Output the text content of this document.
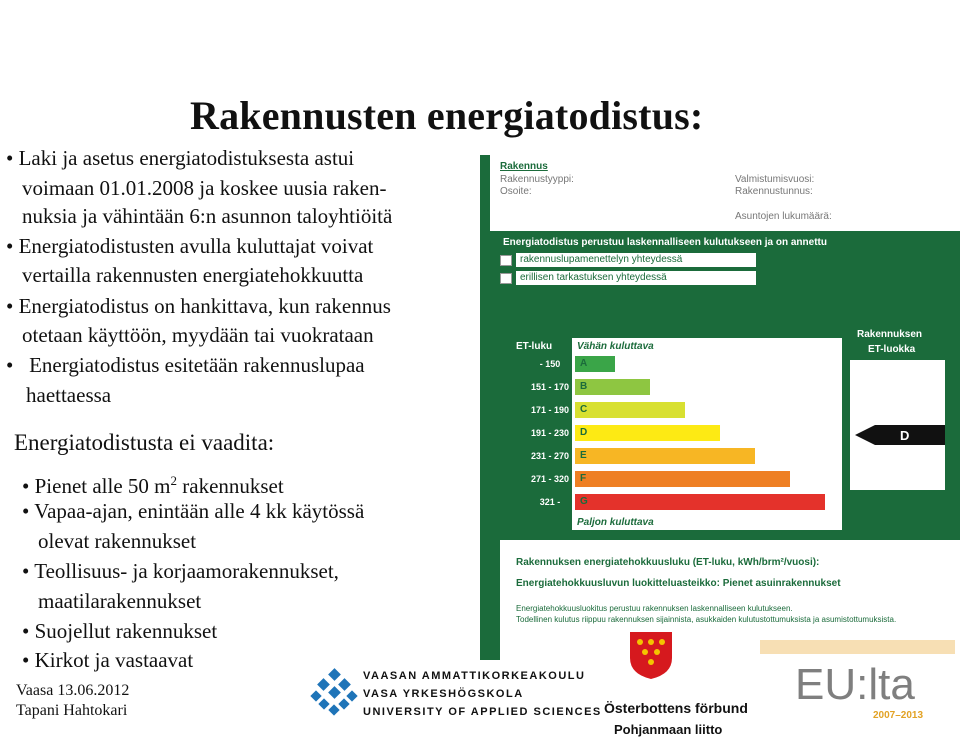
Rakennusten energiatodistus:
• Laki ja asetus energiatodistuksesta astui
voimaan 01.01.2008 ja koskee uusia raken-
nuksia ja vähintään 6:n asunnon taloyhtiöitä
• Energiatodistusten avulla kuluttajat voivat
vertailla rakennusten energiatehokkuutta
• Energiatodistus on hankittava, kun rakennus
otetaan käyttöön, myydään tai vuokrataan
•   Energiatodistus esitetään rakennuslupaa
haettaessa
Energiatodistusta ei vaadita:
• Pienet alle 50 $m^2$ rakennukset
• Vapaa-ajan, enintään alle 4 kk käytössä
olevat rakennukset
• Teollisuus- ja korjaamorakennukset,
maatilarakennukset
• Suojellut rakennukset
• Kirkot ja vastaavat
Vaasa 13.06.2012
Tapani Hahtokari
Rakennus
Rakennustyyppi:
Osoite:
Valmistumisvuosi:
Rakennustunnus:
Asuntojen lukumäärä:
Energiatodistus perustuu laskennalliseen kulutukseen ja on annettu
rakennuslupamenettelyn yhteydessä
erillisen tarkastuksen yhteydessä
ET-luku
Rakennuksen
ET-luokka
- 150
151 - 170
171 - 190
191 - 230
231 - 270
271 - 320
321 -
Vähän kuluttava
A
B
C
D
E
F
G
Paljon kuluttava
D
Rakennuksen energiatehokkuusluku (ET-luku, kWh/brm²/vuosi):
Energiatehokkuusluvun luokitteluasteikko: Pienet asuinrakennukset
Energiatehokkuusluokitus perustuu rakennuksen laskennalliseen kulutukseen.
Todellinen kulutus riippuu rakennuksen sijainnista, asukkaiden kulutustottumuksista ja asumistottumuksista.
VAASAN AMMATTIKORKEAKOULU
VASA YRKESHÖGSKOLA
UNIVERSITY OF APPLIED SCIENCES Österbottens förbund
Pohjanmaan liitto
EU:lta
2007–2013
